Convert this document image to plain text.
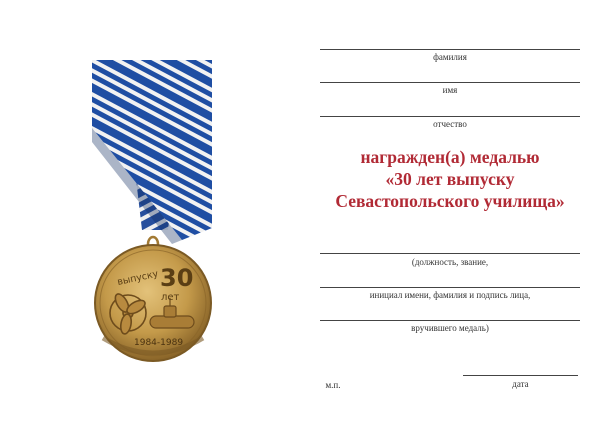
выпуску 30
лет
1984-1989
фамилия
имя
отчество
награжден(а) медалью
«30 лет выпуску
Севастопольского училища»
(должность, звание,
инициал имени, фамилия и подпись лица,
вручившего медаль)
м.п.	дата
